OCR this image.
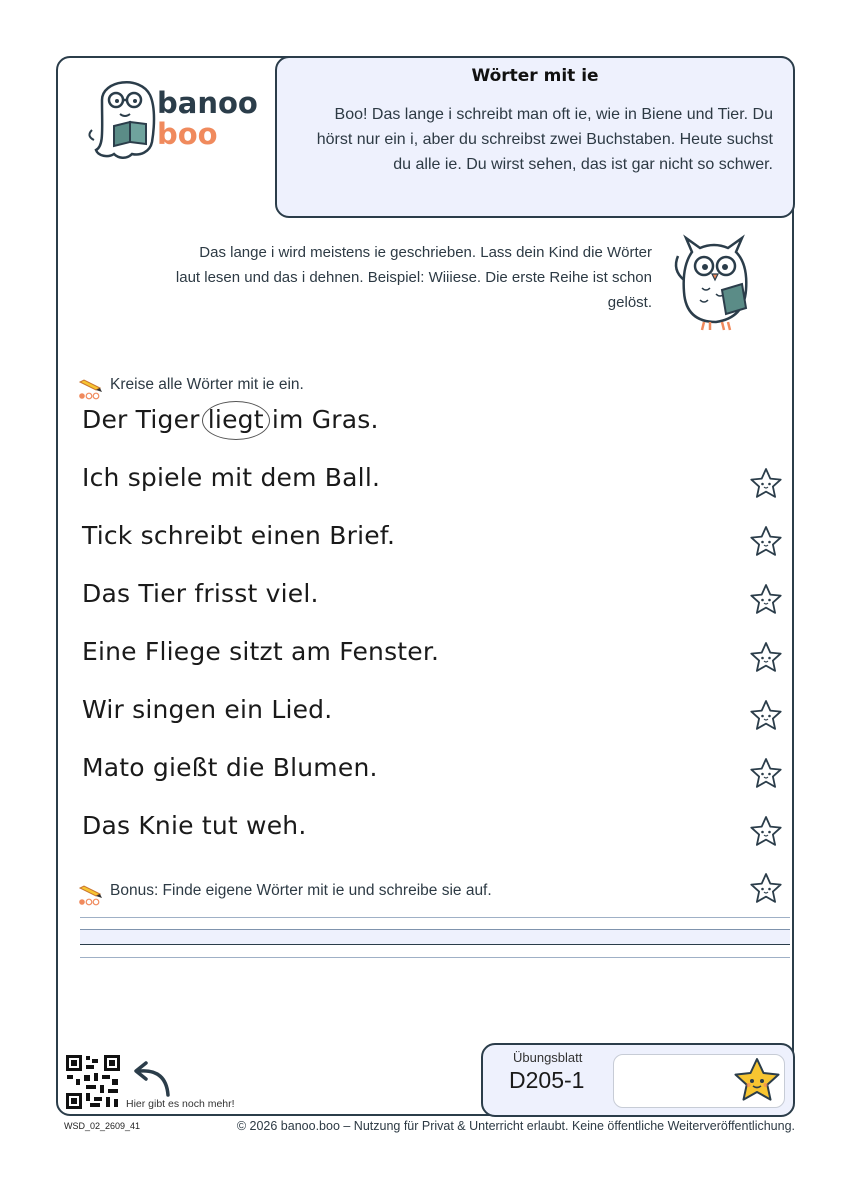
banoo
boo
Wörter mit ie
Boo! Das lange i schreibt man oft ie, wie in Biene und Tier. Du hörst nur ein i, aber du schreibst zwei Buchstaben. Heute suchst du alle ie. Du wirst sehen, das ist gar nicht so schwer.
Das lange i wird meistens ie geschrieben. Lass dein Kind die Wörter laut lesen und das i dehnen. Beispiel: Wiiiese. Die erste Reihe ist schon gelöst.
Kreise alle Wörter mit ie ein.
Der Tiger liegt im Gras.
Ich spiele mit dem Ball.
Tick schreibt einen Brief.
Das Tier frisst viel.
Eine Fliege sitzt am Fenster.
Wir singen ein Lied.
Mato gießt die Blumen.
Das Knie tut weh.
Bonus: Finde eigene Wörter mit ie und schreibe sie auf.
Hier gibt es noch mehr!
Übungsblatt
D205-1
WSD_02_2609_41	© 2026 banoo.boo – Nutzung für Privat & Unterricht erlaubt. Keine öffentliche Weiterveröffentlichung.
